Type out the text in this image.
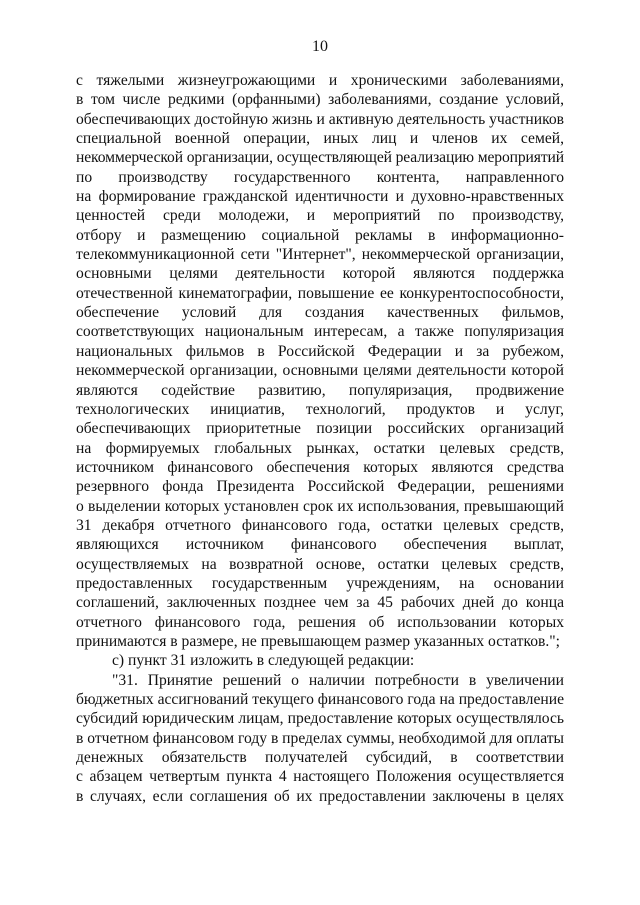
10
с тяжелыми жизнеугрожающими и хроническими заболеваниями,
в том числе редкими (орфанными) заболеваниями, создание условий,
обеспечивающих достойную жизнь и активную деятельность участников
специальной военной операции, иных лиц и членов их семей,
некоммерческой организации, осуществляющей реализацию мероприятий
по производству государственного контента, направленного
на формирование гражданской идентичности и духовно-нравственных
ценностей среди молодежи, и мероприятий по производству,
отбору и размещению социальной рекламы в информационно-
телекоммуникационной сети "Интернет", некоммерческой организации,
основными целями деятельности которой являются поддержка
отечественной кинематографии, повышение ее конкурентоспособности,
обеспечение условий для создания качественных фильмов,
соответствующих национальным интересам, а также популяризация
национальных фильмов в Российской Федерации и за рубежом,
некоммерческой организации, основными целями деятельности которой
являются содействие развитию, популяризация, продвижение
технологических инициатив, технологий, продуктов и услуг,
обеспечивающих приоритетные позиции российских организаций
на формируемых глобальных рынках, остатки целевых средств,
источником финансового обеспечения которых являются средства
резервного фонда Президента Российской Федерации, решениями
о выделении которых установлен срок их использования, превышающий
31 декабря отчетного финансового года, остатки целевых средств,
являющихся источником финансового обеспечения выплат,
осуществляемых на возвратной основе, остатки целевых средств,
предоставленных государственным учреждениям, на основании
соглашений, заключенных позднее чем за 45 рабочих дней до конца
отчетного финансового года, решения об использовании которых
принимаются в размере, не превышающем размер указанных остатков.";
с) пункт 31 изложить в следующей редакции:
"31. Принятие решений о наличии потребности в увеличении
бюджетных ассигнований текущего финансового года на предоставление
субсидий юридическим лицам, предоставление которых осуществлялось
в отчетном финансовом году в пределах суммы, необходимой для оплаты
денежных обязательств получателей субсидий, в соответствии
с абзацем четвертым пункта 4 настоящего Положения осуществляется
в случаях, если соглашения об их предоставлении заключены в целях
